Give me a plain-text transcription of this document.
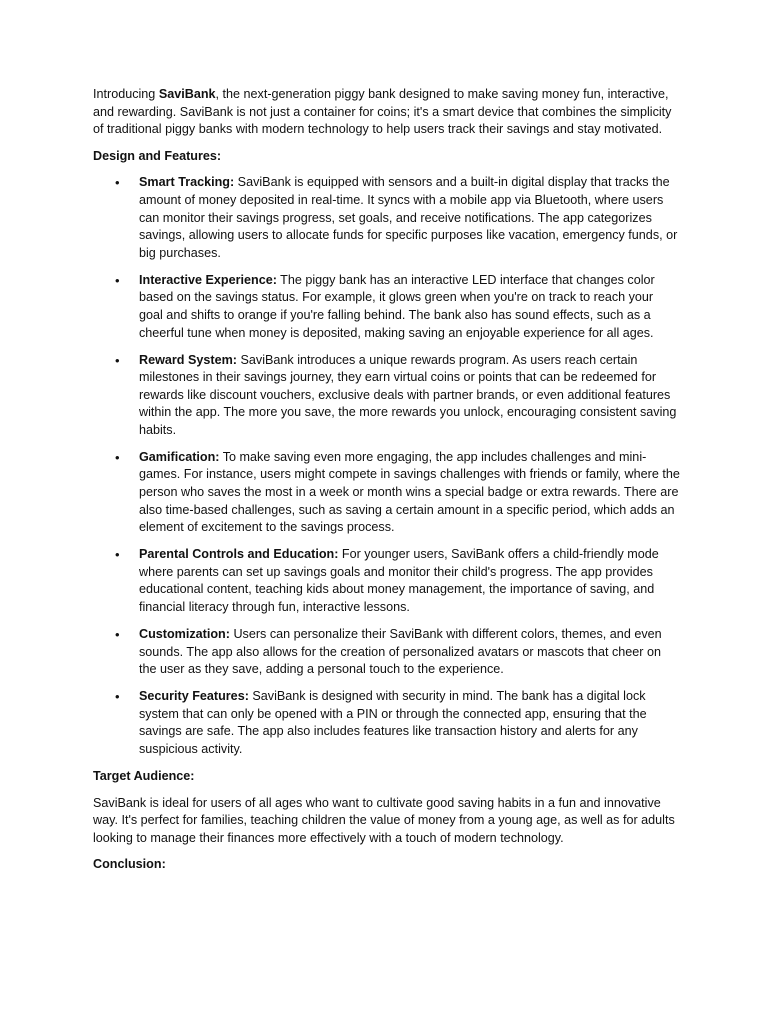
Introducing SaviBank, the next-generation piggy bank designed to make saving money fun, interactive, and rewarding. SaviBank is not just a container for coins; it's a smart device that combines the simplicity of traditional piggy banks with modern technology to help users track their savings and stay motivated.

Design and Features:

• Smart Tracking: SaviBank is equipped with sensors and a built-in digital display that tracks the amount of money deposited in real-time. It syncs with a mobile app via Bluetooth, where users can monitor their savings progress, set goals, and receive notifications. The app categorizes savings, allowing users to allocate funds for specific purposes like vacation, emergency funds, or big purchases.
• Interactive Experience: The piggy bank has an interactive LED interface that changes color based on the savings status. For example, it glows green when you're on track to reach your goal and shifts to orange if you're falling behind. The bank also has sound effects, such as a cheerful tune when money is deposited, making saving an enjoyable experience for all ages.
• Reward System: SaviBank introduces a unique rewards program. As users reach certain milestones in their savings journey, they earn virtual coins or points that can be redeemed for rewards like discount vouchers, exclusive deals with partner brands, or even additional features within the app. The more you save, the more rewards you unlock, encouraging consistent saving habits.
• Gamification: To make saving even more engaging, the app includes challenges and mini-games. For instance, users might compete in savings challenges with friends or family, where the person who saves the most in a week or month wins a special badge or extra rewards. There are also time-based challenges, such as saving a certain amount in a specific period, which adds an element of excitement to the savings process.
• Parental Controls and Education: For younger users, SaviBank offers a child-friendly mode where parents can set up savings goals and monitor their child's progress. The app provides educational content, teaching kids about money management, the importance of saving, and financial literacy through fun, interactive lessons.
• Customization: Users can personalize their SaviBank with different colors, themes, and even sounds. The app also allows for the creation of personalized avatars or mascots that cheer on the user as they save, adding a personal touch to the experience.
• Security Features: SaviBank is designed with security in mind. The bank has a digital lock system that can only be opened with a PIN or through the connected app, ensuring that the savings are safe. The app also includes features like transaction history and alerts for any suspicious activity.

Target Audience:

SaviBank is ideal for users of all ages who want to cultivate good saving habits in a fun and innovative way. It's perfect for families, teaching children the value of money from a young age, as well as for adults looking to manage their finances more effectively with a touch of modern technology.

Conclusion:
